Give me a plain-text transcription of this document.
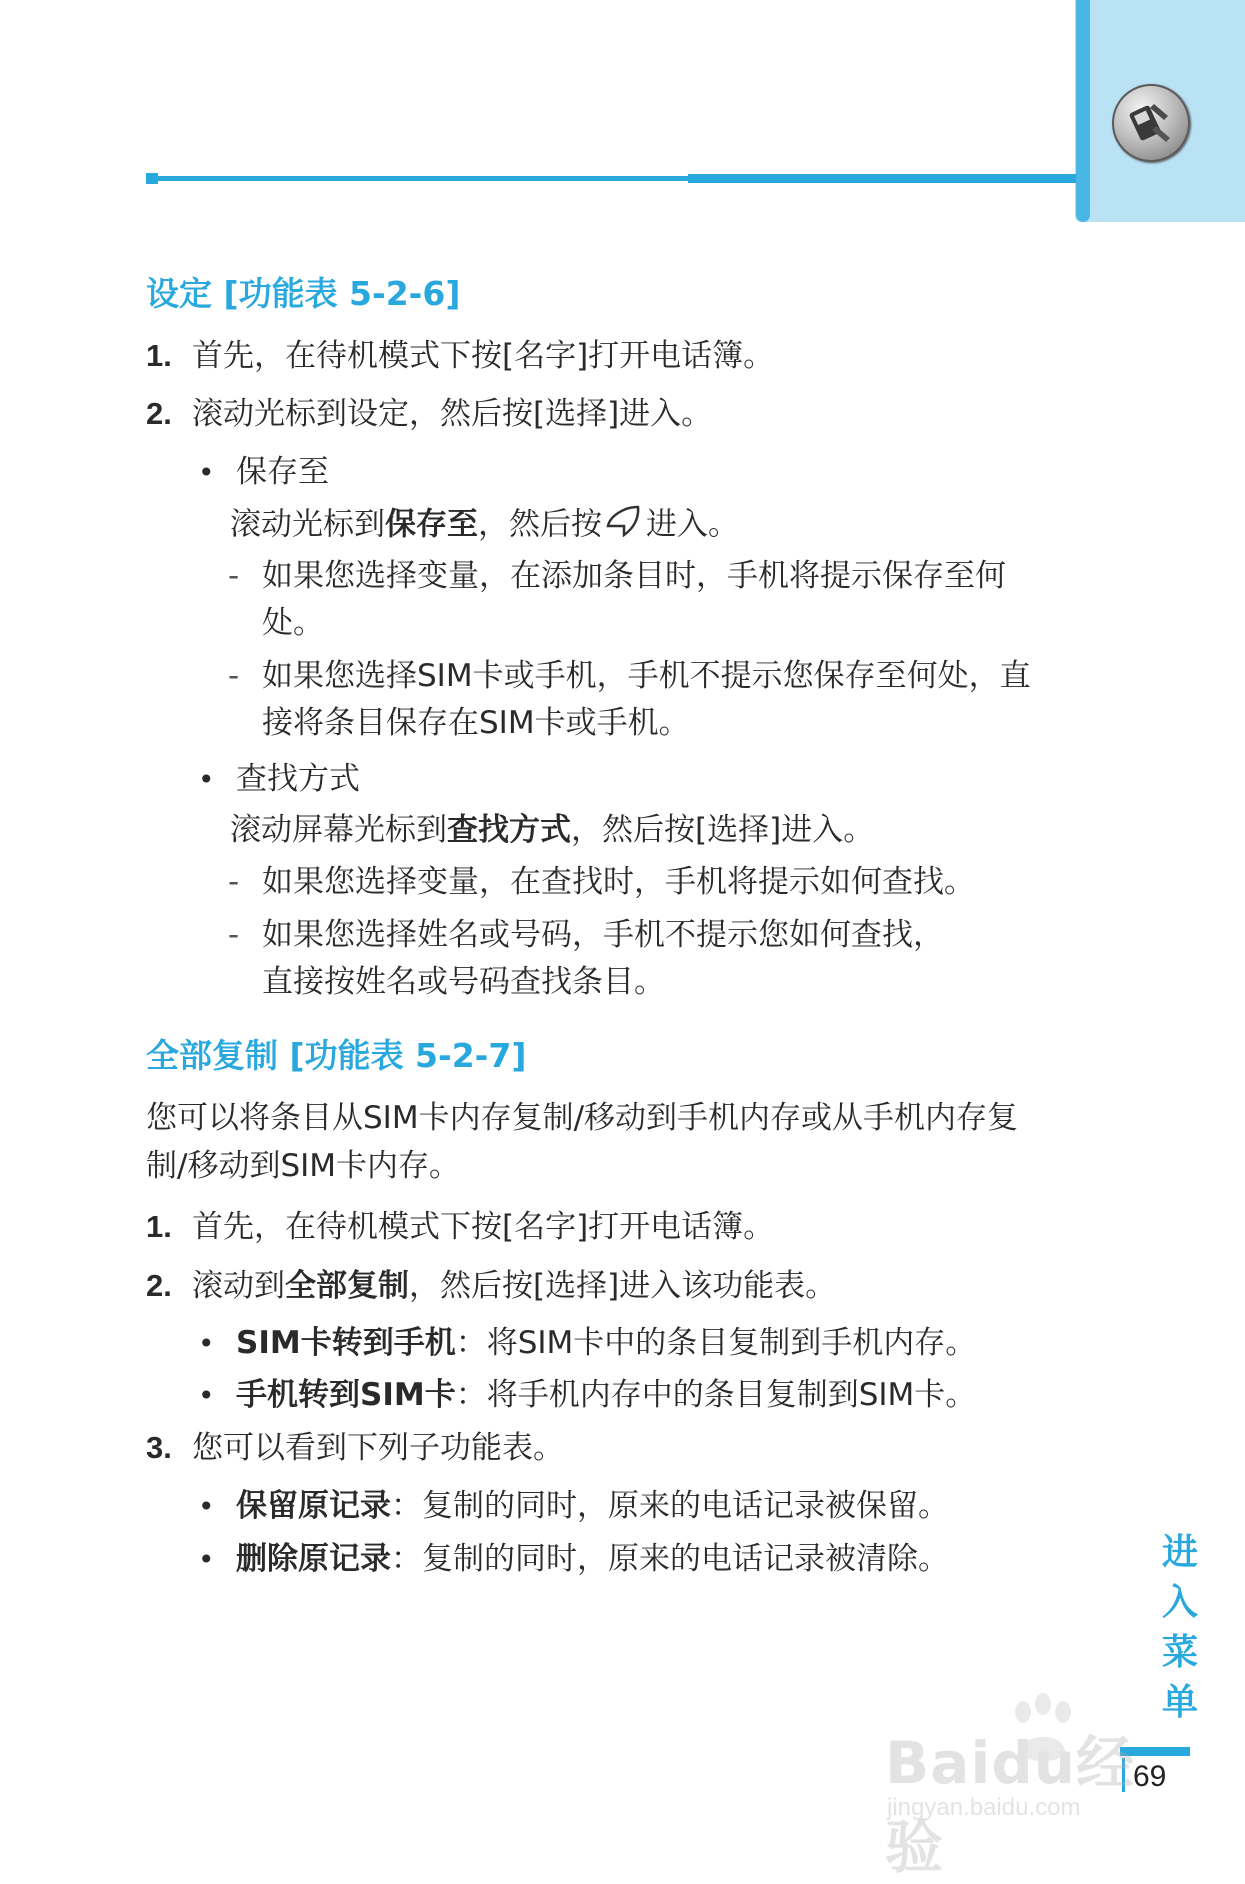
设定 [功能表 5-2-6]
1. 首先，在待机模式下按[名字]打开电话簿。
2. 滚动光标到设定，然后按[选择]进入。
• 保存至
滚动光标到保存至，然后按 进入。
- 如果您选择变量，在添加条目时，手机将提示保存至何
处。
- 如果您选择SIM卡或手机，手机不提示您保存至何处，直
接将条目保存在SIM卡或手机。
• 查找方式
滚动屏幕光标到查找方式，然后按[选择]进入。
- 如果您选择变量，在查找时，手机将提示如何查找。
- 如果您选择姓名或号码，手机不提示您如何查找，
直接按姓名或号码查找条目。
全部复制 [功能表 5-2-7]
您可以将条目从SIM卡内存复制/移动到手机内存或从手机内存复
制/移动到SIM卡内存。
1. 首先，在待机模式下按[名字]打开电话簿。
2. 滚动到全部复制，然后按[选择]进入该功能表。
• SIM卡转到手机：将SIM卡中的条目复制到手机内存。
• 手机转到SIM卡：将手机内存中的条目复制到SIM卡。
3. 您可以看到下列子功能表。
• 保留原记录：复制的同时，原来的电话记录被保留。
• 删除原记录：复制的同时，原来的电话记录被清除。	进
入
菜
单
69
Baidu经验
jingyan.baidu.com
